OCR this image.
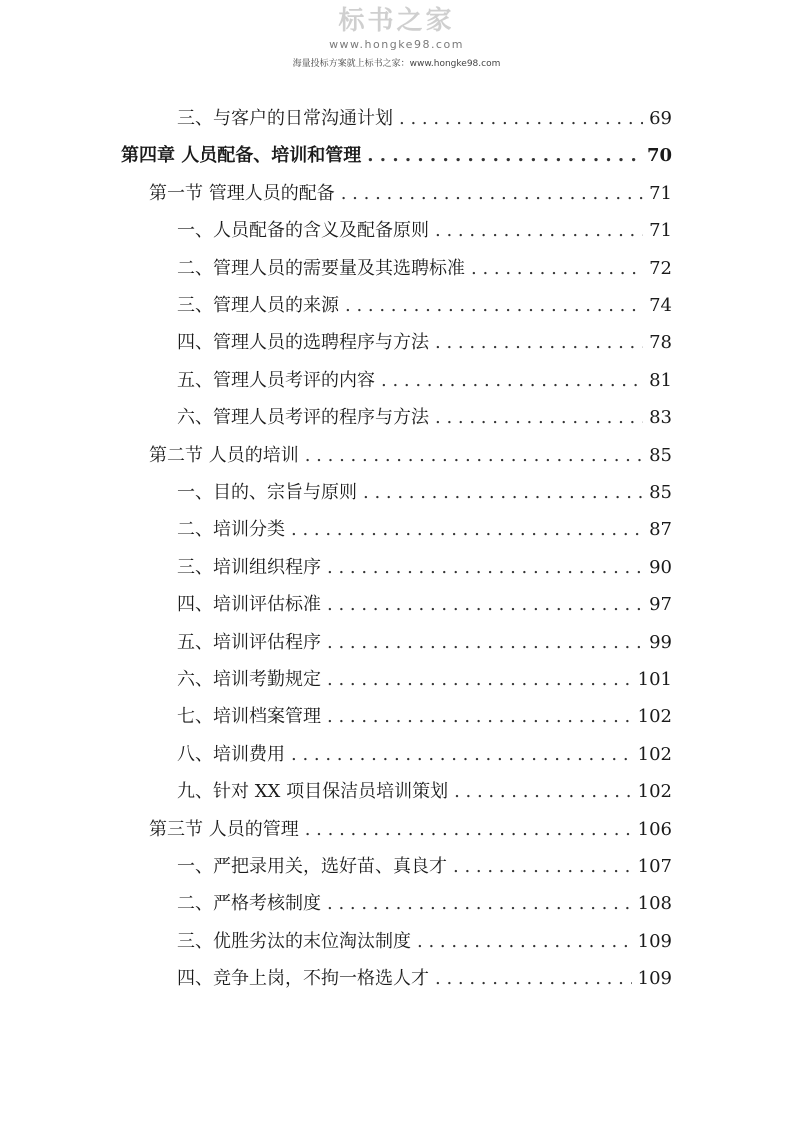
标书之家
www.hongke98.com
海量投标方案就上标书之家：www.hongke98.com
三、与客户的日常沟通计划 . . .	69
第四章 人员配备、培训和管理 . . .	70
第一节 管理人员的配备 . . .	71
一、人员配备的含义及配备原则 . . .	71
二、管理人员的需要量及其选聘标准 . . .	72
三、管理人员的来源 . . .	74
四、管理人员的选聘程序与方法 . . .	78
五、管理人员考评的内容 . . .	81
六、管理人员考评的程序与方法 . . .	83
第二节 人员的培训 . . .	85
一、目的、宗旨与原则 . . .	85
二、培训分类 . . .	87
三、培训组织程序 . . .	90
四、培训评估标准 . . .	97
五、培训评估程序 . . .	99
六、培训考勤规定 . . .	101
七、培训档案管理 . . .	102
八、培训费用 . . .	102
九、针对 XX 项目保洁员培训策划 . . .	102
第三节 人员的管理 . . .	106
一、严把录用关，选好苗、真良才 . . .	107
二、严格考核制度 . . .	108
三、优胜劣汰的末位淘汰制度 . . .	109
四、竞争上岗，不拘一格选人才 . . .	109
